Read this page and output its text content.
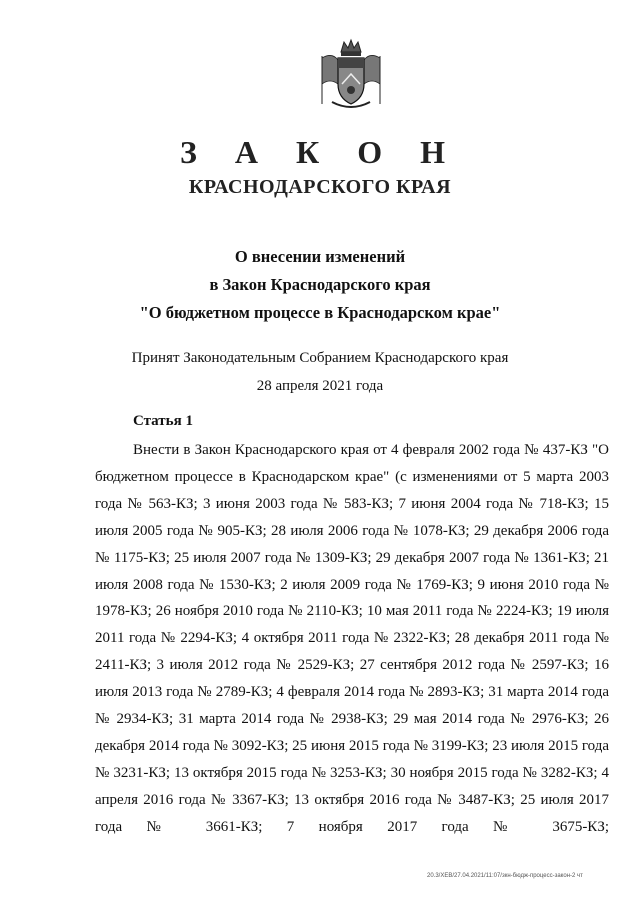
З А К О Н
КРАСНОДАРСКОГО КРАЯ
О внесении изменений
в Закон Краснодарского края
"О бюджетном процессе в Краснодарском крае"
Принят Законодательным Собранием Краснодарского края
28 апреля 2021 года
Статья 1
Внести в Закон Краснодарского края от 4 февраля 2002 года № 437-КЗ "О бюджетном процессе в Краснодарском крае" (с изменениями от 5 марта 2003 года № 563-КЗ; 3 июня 2003 года № 583-КЗ; 7 июня 2004 года № 718-КЗ; 15 июля 2005 года № 905-КЗ; 28 июля 2006 года № 1078-КЗ; 29 декабря 2006 года № 1175-КЗ; 25 июля 2007 года № 1309-КЗ; 29 декабря 2007 года № 1361-КЗ; 21 июля 2008 года № 1530-КЗ; 2 июля 2009 года № 1769-КЗ; 9 июня 2010 года № 1978-КЗ; 26 ноября 2010 года № 2110-КЗ; 10 мая 2011 года № 2224-КЗ; 19 июля 2011 года № 2294-КЗ; 4 октября 2011 года № 2322-КЗ; 28 декабря 2011 года № 2411-КЗ; 3 июля 2012 года № 2529-КЗ; 27 сентября 2012 года № 2597-КЗ; 16 июля 2013 года № 2789-КЗ; 4 февраля 2014 года № 2893-КЗ; 31 марта 2014 года № 2934-КЗ; 31 марта 2014 года № 2938-КЗ; 29 мая 2014 года № 2976-КЗ; 26 декабря 2014 года № 3092-КЗ; 25 июня 2015 года № 3199-КЗ; 23 июля 2015 года № 3231-КЗ; 13 октября 2015 года № 3253-КЗ; 30 ноября 2015 года № 3282-КЗ; 4 апреля 2016 года № 3367-КЗ; 13 октября 2016 года № 3487-КЗ; 25 июля 2017 года № 3661-КЗ; 7 ноября 2017 года № 3675-КЗ;
20.3/ХЕВ/27.04.2021/11:07/зкн-бюдж-процесс-закон-2 чт
